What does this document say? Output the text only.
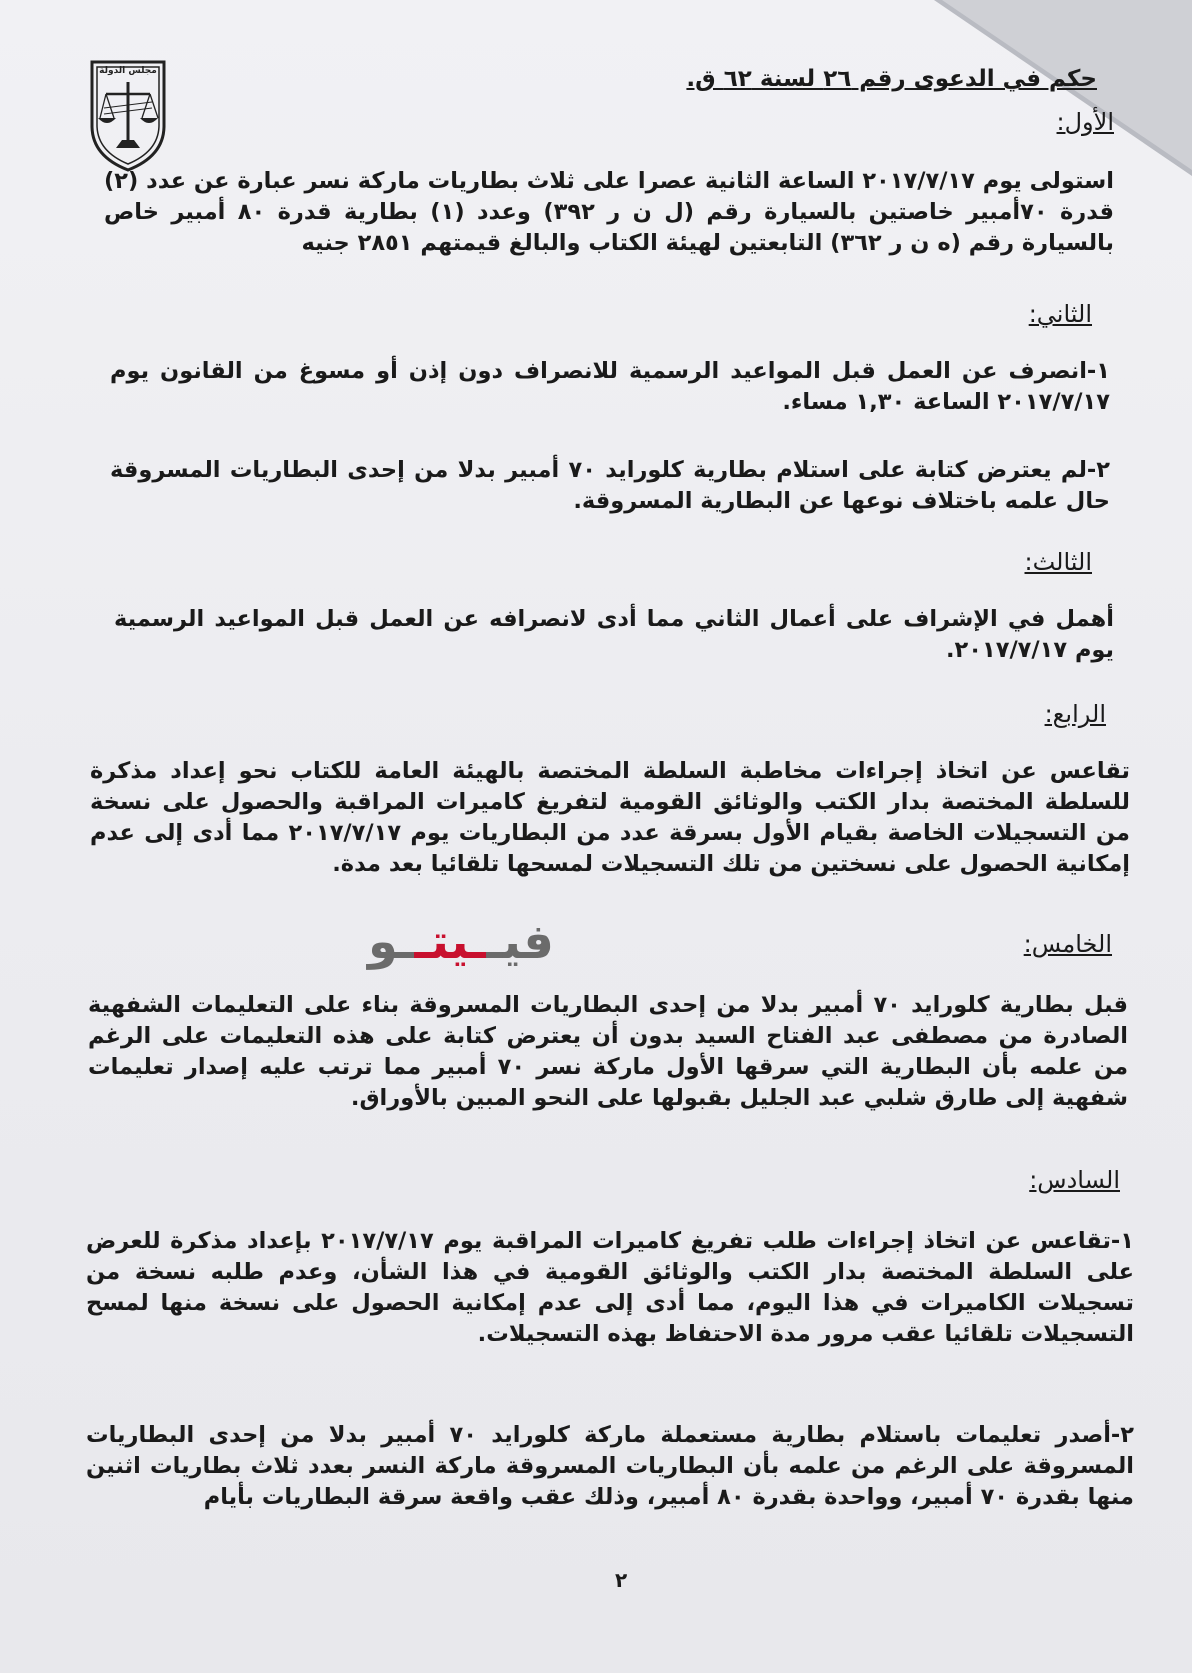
مجلس الدولة	حكم في الدعوى رقم ٢٦ لسنة ٦٢ ق.
الأول:

استولى يوم ٢٠١٧/٧/١٧ الساعة الثانية عصرا على ثلاث بطاريات ماركة نسر عبارة عن عدد (٢) قدرة ٧٠أمبير خاصتين بالسيارة رقم (ل ن ر ٣٩٢) وعدد (١) بطارية قدرة ٨٠ أمبير خاص بالسيارة رقم (ه ن ر ٣٦٢) التابعتين لهيئة الكتاب والبالغ قيمتهم ٢٨٥١ جنيه

الثاني:

١-انصرف عن العمل قبل المواعيد الرسمية للانصراف دون إذن أو مسوغ من القانون يوم ٢٠١٧/٧/١٧ الساعة ١,٣٠ مساء.

٢-لم يعترض كتابة على استلام بطارية كلورايد ٧٠ أمبير بدلا من إحدى البطاريات المسروقة حال علمه باختلاف نوعها عن البطارية المسروقة.

الثالث:

أهمل في الإشراف على أعمال الثاني مما أدى لانصرافه عن العمل قبل المواعيد الرسمية يوم ٢٠١٧/٧/١٧.

الرابع:

تقاعس عن اتخاذ إجراءات مخاطبة السلطة المختصة بالهيئة العامة للكتاب نحو إعداد مذكرة للسلطة المختصة بدار الكتب والوثائق القومية لتفريغ كاميرات المراقبة والحصول على نسخة من التسجيلات الخاصة بقيام الأول بسرقة عدد من البطاريات يوم ٢٠١٧/٧/١٧ مما أدى إلى عدم إمكانية الحصول على نسختين من تلك التسجيلات لمسحها تلقائيا بعد مدة.

فيــيتــو	الخامس:

قبل بطارية كلورايد ٧٠ أمبير بدلا من إحدى البطاريات المسروقة بناء على التعليمات الشفهية الصادرة من مصطفى عبد الفتاح السيد بدون أن يعترض كتابة على هذه التعليمات على الرغم من علمه بأن البطارية التي سرقها الأول ماركة نسر ٧٠ أمبير مما ترتب عليه إصدار تعليمات شفهية إلى طارق شلبي عبد الجليل بقبولها على النحو المبين بالأوراق.

السادس:

١-تقاعس عن اتخاذ إجراءات طلب تفريغ كاميرات المراقبة يوم ٢٠١٧/٧/١٧ بإعداد مذكرة للعرض على السلطة المختصة بدار الكتب والوثائق القومية في هذا الشأن، وعدم طلبه نسخة من تسجيلات الكاميرات في هذا اليوم، مما أدى إلى عدم إمكانية الحصول على نسخة منها لمسح التسجيلات تلقائيا عقب مرور مدة الاحتفاظ بهذه التسجيلات.

٢-أصدر تعليمات باستلام بطارية مستعملة ماركة كلورايد ٧٠ أمبير بدلا من إحدى البطاريات المسروقة على الرغم من علمه بأن البطاريات المسروقة ماركة النسر بعدد ثلاث بطاريات اثنين منها بقدرة ٧٠ أمبير، وواحدة بقدرة ٨٠ أمبير، وذلك عقب واقعة سرقة البطاريات بأيام

٢
